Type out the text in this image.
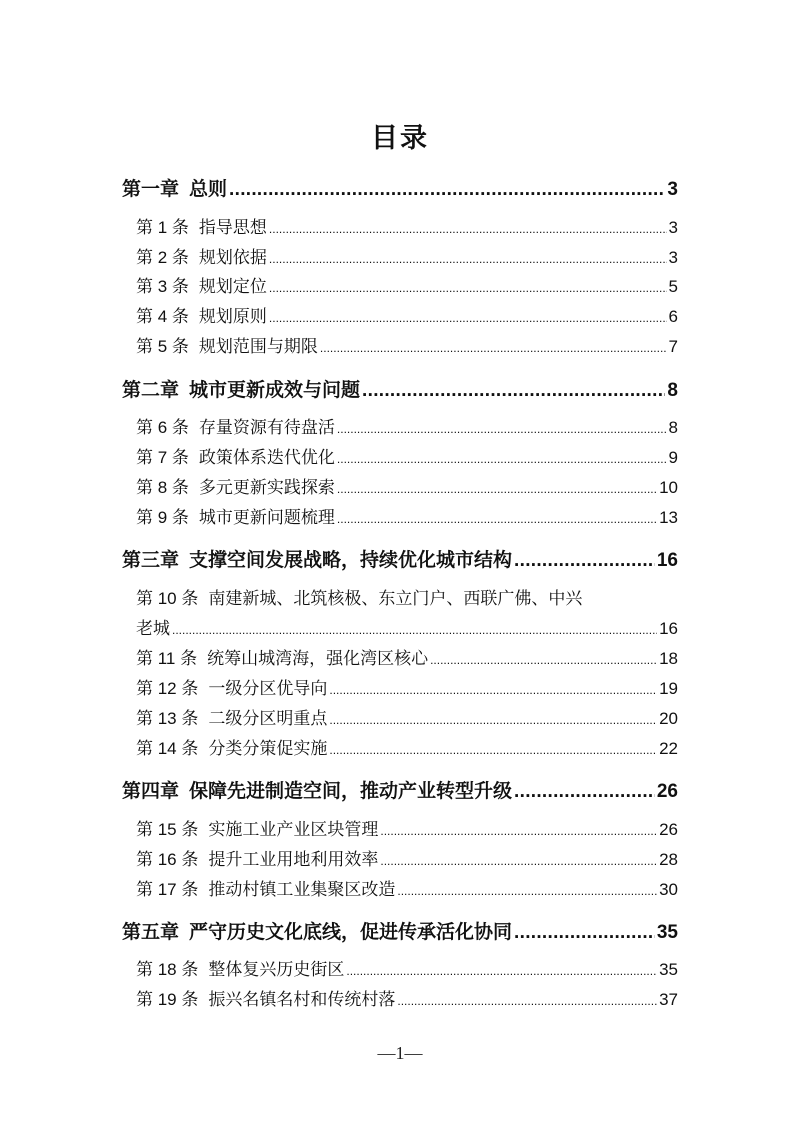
目录
第一章 总则 .....	3
第 1 条 指导思想 .....	3
第 2 条 规划依据 .....	3
第 3 条 规划定位 .....	5
第 4 条 规划原则 .....	6
第 5 条 规划范围与期限 .....	7
第二章 城市更新成效与问题 .....	8
第 6 条 存量资源有待盘活 .....	8
第 7 条 政策体系迭代优化 .....	9
第 8 条 多元更新实践探索 .....	10
第 9 条 城市更新问题梳理 .....	13
第三章 支撑空间发展战略，持续优化城市结构 .....	16
第 10 条 南建新城、北筑核极、东立门户、西联广佛、中兴
老城 .....	16
第 11 条 统筹山城湾海，强化湾区核心 .....	18
第 12 条 一级分区优导向 .....	19
第 13 条 二级分区明重点 .....	20
第 14 条 分类分策促实施 .....	22
第四章 保障先进制造空间，推动产业转型升级 .....	26
第 15 条 实施工业产业区块管理 .....	26
第 16 条 提升工业用地利用效率 .....	28
第 17 条 推动村镇工业集聚区改造 .....	30
第五章 严守历史文化底线，促进传承活化协同 .....	35
第 18 条 整体复兴历史街区 .....	35
第 19 条 振兴名镇名村和传统村落 .....	37
—1—
